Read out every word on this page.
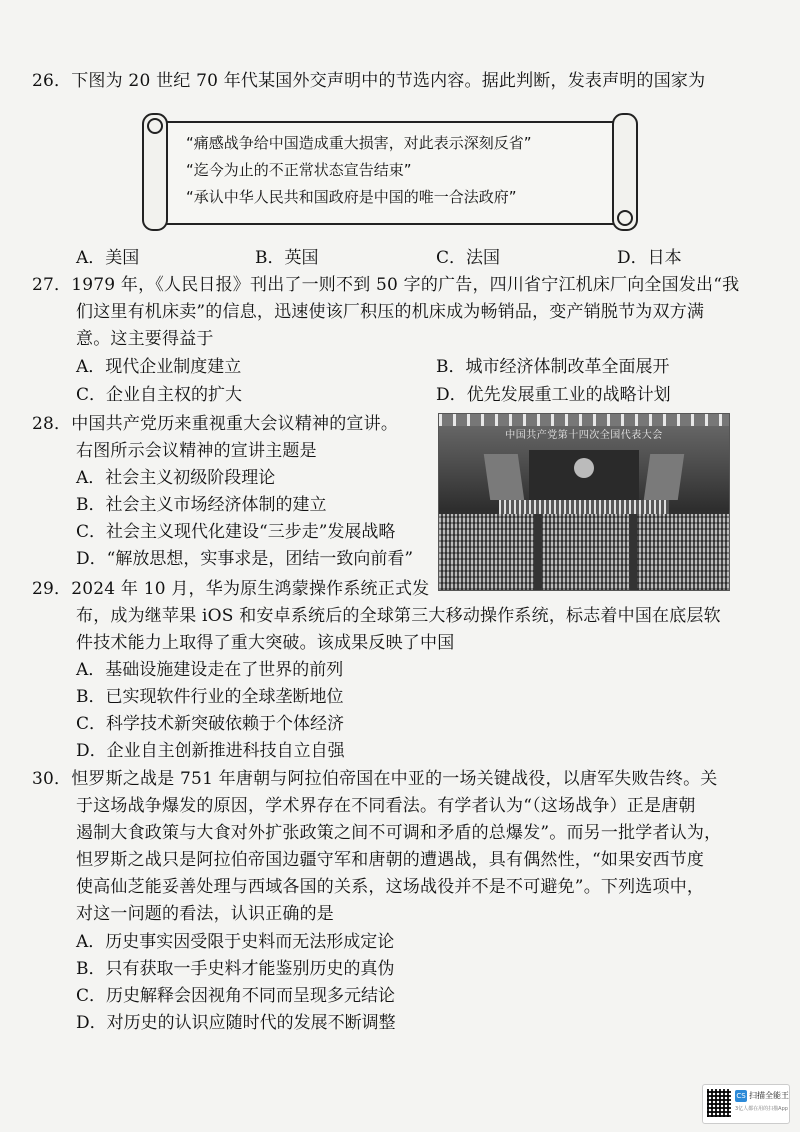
26．下图为 20 世纪 70 年代某国外交声明中的节选内容。据此判断，发表声明的国家为
“痛感战争给中国造成重大损害，对此表示深刻反省”
“迄今为止的不正常状态宣告结束”
“承认中华人民共和国政府是中国的唯一合法政府”
A．美国	B．英国	C．法国	D．日本
27．1979 年，《人民日报》刊出了一则不到 50 字的广告，四川省宁江机床厂向全国发出“我
们这里有机床卖”的信息，迅速使该厂积压的机床成为畅销品，变产销脱节为双方满
意。这主要得益于
A．现代企业制度建立	B．城市经济体制改革全面展开
C．企业自主权的扩大	D．优先发展重工业的战略计划
28．中国共产党历来重视重大会议精神的宣讲。
右图所示会议精神的宣讲主题是
A．社会主义初级阶段理论
B．社会主义市场经济体制的建立
C．社会主义现代化建设“三步走”发展战略
D．“解放思想，实事求是，团结一致向前看”
中国共产党第十四次全国代表大会
29．2024 年 10 月，华为原生鸿蒙操作系统正式发
布，成为继苹果 iOS 和安卓系统后的全球第三大移动操作系统，标志着中国在底层软
件技术能力上取得了重大突破。该成果反映了中国
A．基础设施建设走在了世界的前列
B．已实现软件行业的全球垄断地位
C．科学技术新突破依赖于个体经济
D．企业自主创新推进科技自立自强
30．怛罗斯之战是 751 年唐朝与阿拉伯帝国在中亚的一场关键战役，以唐军失败告终。关
于这场战争爆发的原因，学术界存在不同看法。有学者认为“（这场战争）正是唐朝
遏制大食政策与大食对外扩张政策之间不可调和矛盾的总爆发”。而另一批学者认为，
怛罗斯之战只是阿拉伯帝国边疆守军和唐朝的遭遇战，具有偶然性，“如果安西节度
使高仙芝能妥善处理与西域各国的关系，这场战役并不是不可避免”。下列选项中，
对这一问题的看法，认识正确的是
A．历史事实因受限于史料而无法形成定论
B．只有获取一手史料才能鉴别历史的真伪
C．历史解释会因视角不同而呈现多元结论
D．对历史的认识应随时代的发展不断调整
CS 扫描全能王
3亿人都在用的扫描App
